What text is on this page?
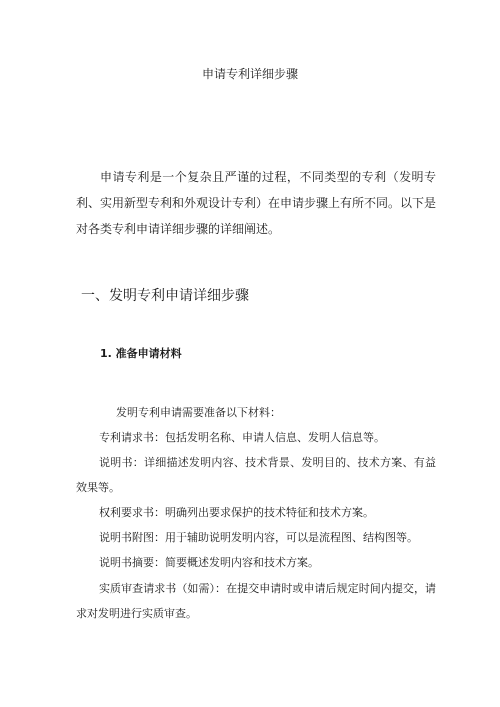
申请专利详细步骤

申请专利是一个复杂且严谨的过程，不同类型的专利（发明专利、实用新型专利和外观设计专利）在申请步骤上有所不同。以下是对各类专利申请详细步骤的详细阐述。

一、发明专利申请详细步骤
1. 准备申请材料

发明专利申请需要准备以下材料：

专利请求书：包括发明名称、申请人信息、发明人信息等。

说明书：详细描述发明内容、技术背景、发明目的、技术方案、有益效果等。

权利要求书：明确列出要求保护的技术特征和技术方案。

说明书附图：用于辅助说明发明内容，可以是流程图、结构图等。

说明书摘要：简要概述发明内容和技术方案。

实质审查请求书（如需）：在提交申请时或申请后规定时间内提交，请求对发明进行实质审查。
